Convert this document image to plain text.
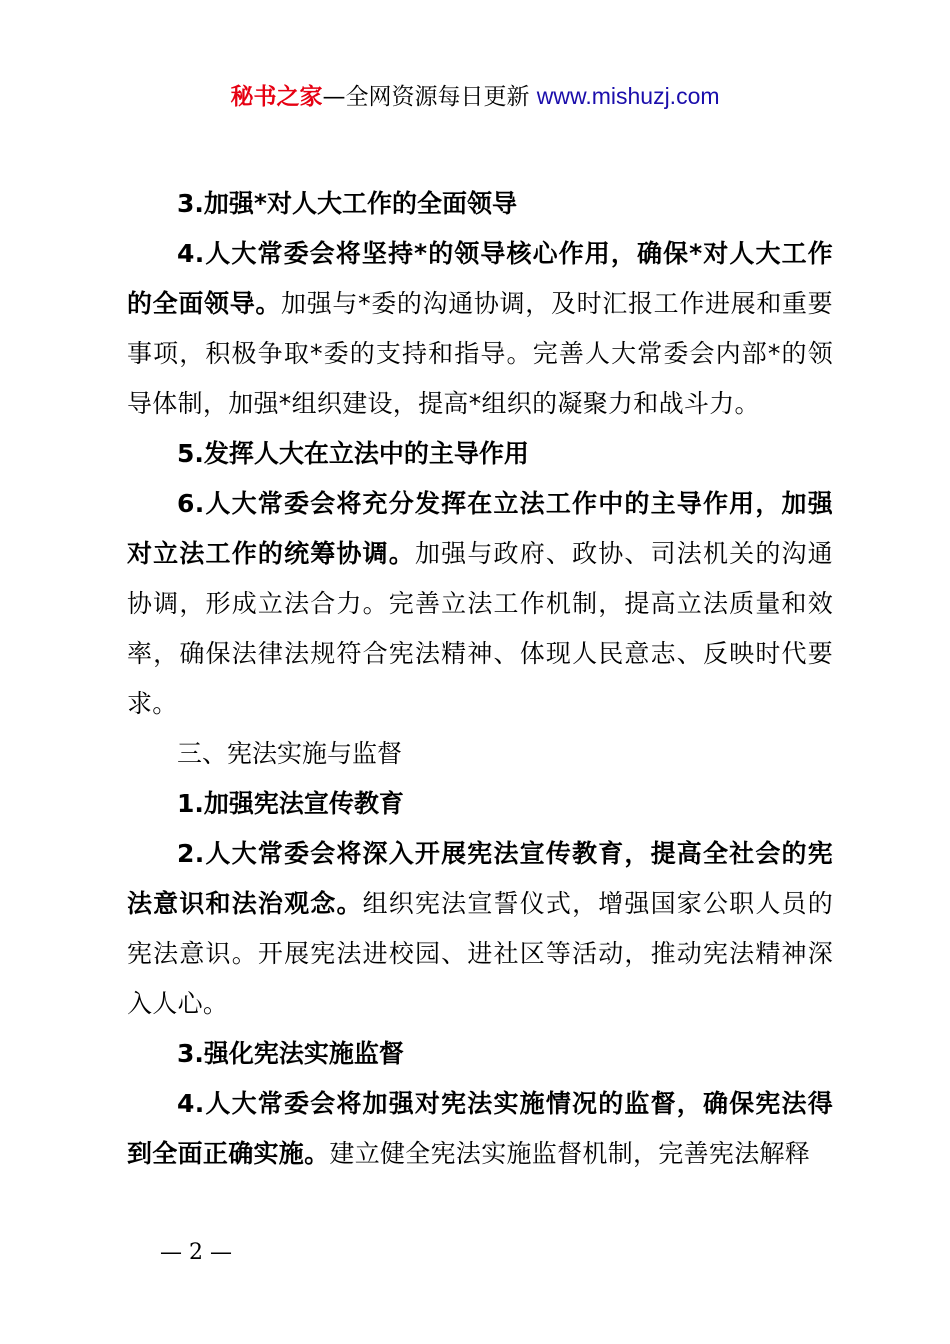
秘书之家—全网资源每日更新 www.mishuzj.com

3.加强*对人大工作的全面领导

4.人大常委会将坚持*的领导核心作用，确保*对人大工作的全面领导。加强与*委的沟通协调，及时汇报工作进展和重要事项，积极争取*委的支持和指导。完善人大常委会内部*的领导体制，加强*组织建设，提高*组织的凝聚力和战斗力。

5.发挥人大在立法中的主导作用

6.人大常委会将充分发挥在立法工作中的主导作用，加强对立法工作的统筹协调。加强与政府、政协、司法机关的沟通协调，形成立法合力。完善立法工作机制，提高立法质量和效率，确保法律法规符合宪法精神、体现人民意志、反映时代要求。

三、宪法实施与监督

1.加强宪法宣传教育

2.人大常委会将深入开展宪法宣传教育，提高全社会的宪法意识和法治观念。组织宪法宣誓仪式，增强国家公职人员的宪法意识。开展宪法进校园、进社区等活动，推动宪法精神深入人心。

3.强化宪法实施监督

4.人大常委会将加强对宪法实施情况的监督，确保宪法得到全面正确实施。建立健全宪法实施监督机制，完善宪法解释

— 2 —
